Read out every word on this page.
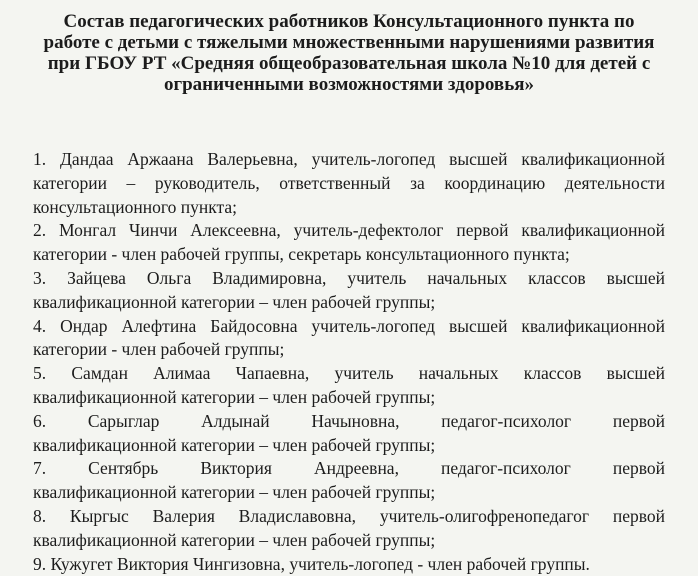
Состав педагогических работников Консультационного пункта по
работе с детьми с тяжелыми множественными нарушениями развития
при ГБОУ РТ «Средняя общеобразовательная школа №10 для детей с
ограниченными возможностями здоровья»
1. Дандаа Аржаана Валерьевна, учитель-логопед высшей квалификационной
категории – руководитель, ответственный за координацию деятельности
консультационного пункта;
2. Монгал Чинчи Алексеевна, учитель-дефектолог первой квалификационной
категории - член рабочей группы, секретарь консультационного пункта;
3. Зайцева Ольга Владимировна, учитель начальных классов высшей
квалификационной категории – член рабочей группы;
4. Ондар Алефтина Байдосовна учитель-логопед высшей квалификационной
категории - член рабочей группы;
5. Самдан Алимаа Чапаевна, учитель начальных классов высшей
квалификационной категории – член рабочей группы;
6. Сарыглар Алдынай Начыновна, педагог-психолог первой
квалификационной категории – член рабочей группы;
7. Сентябрь Виктория Андреевна, педагог-психолог первой
квалификационной категории – член рабочей группы;
8. Кыргыс Валерия Владиславовна, учитель-олигофренопедагог первой
квалификационной категории – член рабочей группы;
9. Кужугет Виктория Чингизовна, учитель-логопед - член рабочей группы.
